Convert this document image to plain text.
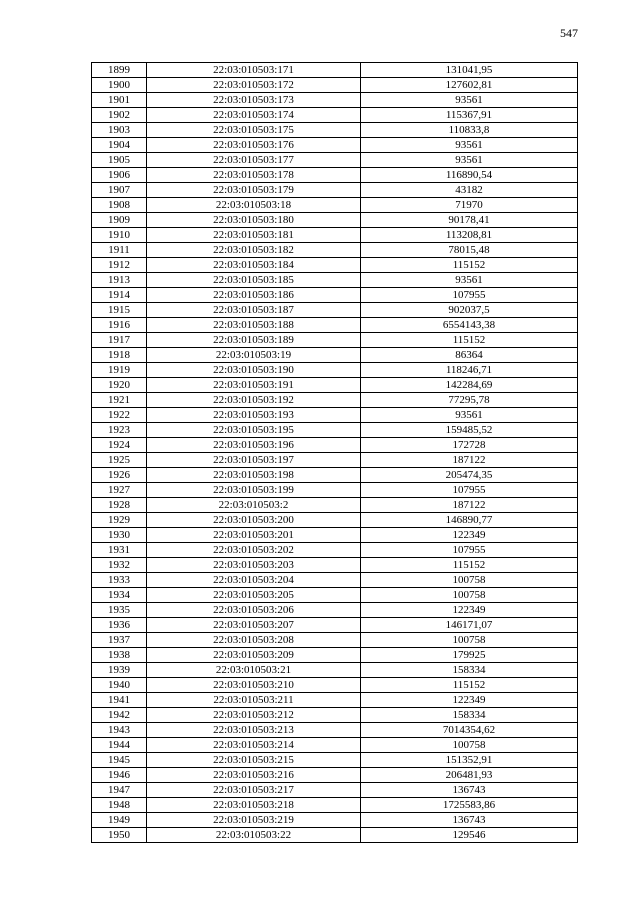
547
1899	22:03:010503:171	131041,95
1900	22:03:010503:172	127602,81
1901	22:03:010503:173	93561
1902	22:03:010503:174	115367,91
1903	22:03:010503:175	110833,8
1904	22:03:010503:176	93561
1905	22:03:010503:177	93561
1906	22:03:010503:178	116890,54
1907	22:03:010503:179	43182
1908	22:03:010503:18	71970
1909	22:03:010503:180	90178,41
1910	22:03:010503:181	113208,81
1911	22:03:010503:182	78015,48
1912	22:03:010503:184	115152
1913	22:03:010503:185	93561
1914	22:03:010503:186	107955
1915	22:03:010503:187	902037,5
1916	22:03:010503:188	6554143,38
1917	22:03:010503:189	115152
1918	22:03:010503:19	86364
1919	22:03:010503:190	118246,71
1920	22:03:010503:191	142284,69
1921	22:03:010503:192	77295,78
1922	22:03:010503:193	93561
1923	22:03:010503:195	159485,52
1924	22:03:010503:196	172728
1925	22:03:010503:197	187122
1926	22:03:010503:198	205474,35
1927	22:03:010503:199	107955
1928	22:03:010503:2	187122
1929	22:03:010503:200	146890,77
1930	22:03:010503:201	122349
1931	22:03:010503:202	107955
1932	22:03:010503:203	115152
1933	22:03:010503:204	100758
1934	22:03:010503:205	100758
1935	22:03:010503:206	122349
1936	22:03:010503:207	146171,07
1937	22:03:010503:208	100758
1938	22:03:010503:209	179925
1939	22:03:010503:21	158334
1940	22:03:010503:210	115152
1941	22:03:010503:211	122349
1942	22:03:010503:212	158334
1943	22:03:010503:213	7014354,62
1944	22:03:010503:214	100758
1945	22:03:010503:215	151352,91
1946	22:03:010503:216	206481,93
1947	22:03:010503:217	136743
1948	22:03:010503:218	1725583,86
1949	22:03:010503:219	136743
1950	22:03:010503:22	129546
